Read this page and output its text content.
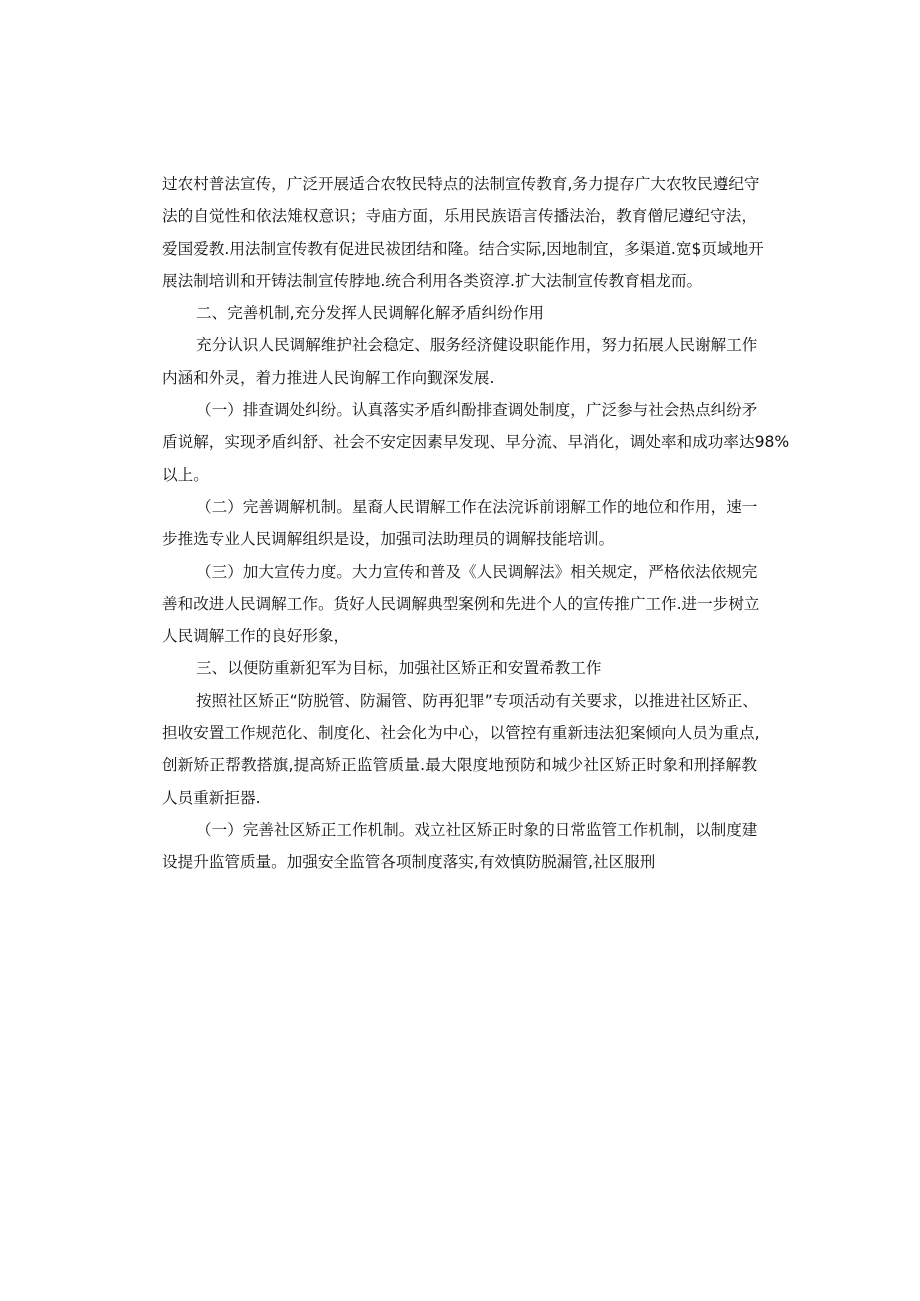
过农村普法宣传，广泛开展适合农牧民特点的法制宣传教育,务力提存广大农牧民遵纪守
法的自觉性和依法雉权意识；寺庙方面，乐用民族语言传播法治，教育僧尼遵纪守法，
爱国爱教.用法制宣传教有促进民祓团结和隆。结合实际,因地制宜，多渠道.宽$页域地开
展法制培训和开铸法制宣传脖地.统合利用各类资淳.扩大法制宣传教育椙龙而。
二、完善机制,充分发挥人民调解化解矛盾纠纷作用
充分认识人民调解维护社会稳定、服务经济健设职能作用，努力拓展人民谢解工作
内涵和外灵，着力推进人民询解工作向觐深发展.
（一）排查调处纠纷。认真落实矛盾纠酚排查调处制度，广泛参与社会热点纠纷矛
盾说解，实现矛盾纠舒、社会不安定因素早发现、早分流、早消化，调处率和成功率达98%
以上。
（二）完善调解机制。星裔人民谓解工作在法浣诉前诩解工作的地位和作用，速一
步推选专业人民调解组织是设，加强司法助理员的调解技能培训。
（三）加大宣传力度。大力宣传和普及《人民调解法》相关规定，严格依法依规完
善和改进人民调解工作。货好人民调解典型案例和先进个人的宣传推广工作.进一步树立
人民调解工作的良好形象，
三、以便防重新犯军为目标，加强社区矫正和安置希教工作
按照社区矫正“防脱管、防漏管、防再犯罪”专项活动有关要求，以推进社区矫正、
担收安置工作规范化、制度化、社会化为中心，以管控有重新违法犯案倾向人员为重点,
创新矫正帮教搭旗,提高矫正监管质量.最大限度地预防和城少社区矫正时象和刑择解教
人员重新拒器.
（一）完善社区矫正工作机制。戏立社区矫正时象的日常监管工作机制，以制度建
设提升监管质量。加强安全监管各项制度落实,有效慎防脱漏管,社区服刑
